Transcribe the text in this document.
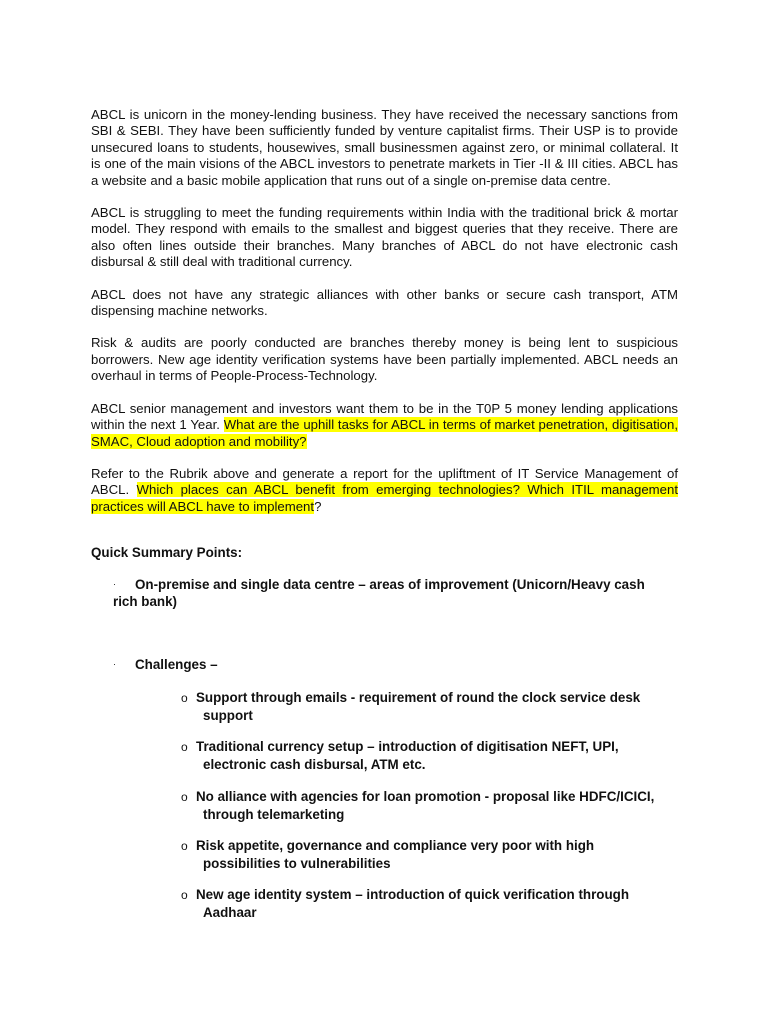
ABCL is unicorn in the money-lending business. They have received the necessary sanctions from SBI & SEBI. They have been sufficiently funded by venture capitalist firms. Their USP is to provide unsecured loans to students, housewives, small businessmen against zero, or minimal collateral. It is one of the main visions of the ABCL investors to penetrate markets in Tier -II & III cities. ABCL has a website and a basic mobile application that runs out of a single on-premise data centre.

ABCL is struggling to meet the funding requirements within India with the traditional brick & mortar model. They respond with emails to the smallest and biggest queries that they receive. There are also often lines outside their branches. Many branches of ABCL do not have electronic cash disbursal & still deal with traditional currency.

ABCL does not have any strategic alliances with other banks or secure cash transport, ATM dispensing machine networks.

Risk & audits are poorly conducted are branches thereby money is being lent to suspicious borrowers. New age identity verification systems have been partially implemented. ABCL needs an overhaul in terms of People-Process-Technology.

ABCL senior management and investors want them to be in the T0P 5 money lending applications within the next 1 Year. What are the uphill tasks for ABCL in terms of market penetration, digitisation, SMAC, Cloud adoption and mobility?

Refer to the Rubrik above and generate a report for the upliftment of IT Service Management of ABCL. Which places can ABCL benefit from emerging technologies? Which ITIL management practices will ABCL have to implement?

Quick Summary Points:

· On-premise and single data centre – areas of improvement (Unicorn/Heavy cash
rich bank)
· Challenges –
o Support through emails - requirement of round the clock service desk
support
o Traditional currency setup – introduction of digitisation NEFT, UPI,
electronic cash disbursal, ATM etc.
o No alliance with agencies for loan promotion - proposal like HDFC/ICICI,
through telemarketing
o Risk appetite, governance and compliance very poor with high
possibilities to vulnerabilities
o New age identity system – introduction of quick verification through
Aadhaar
